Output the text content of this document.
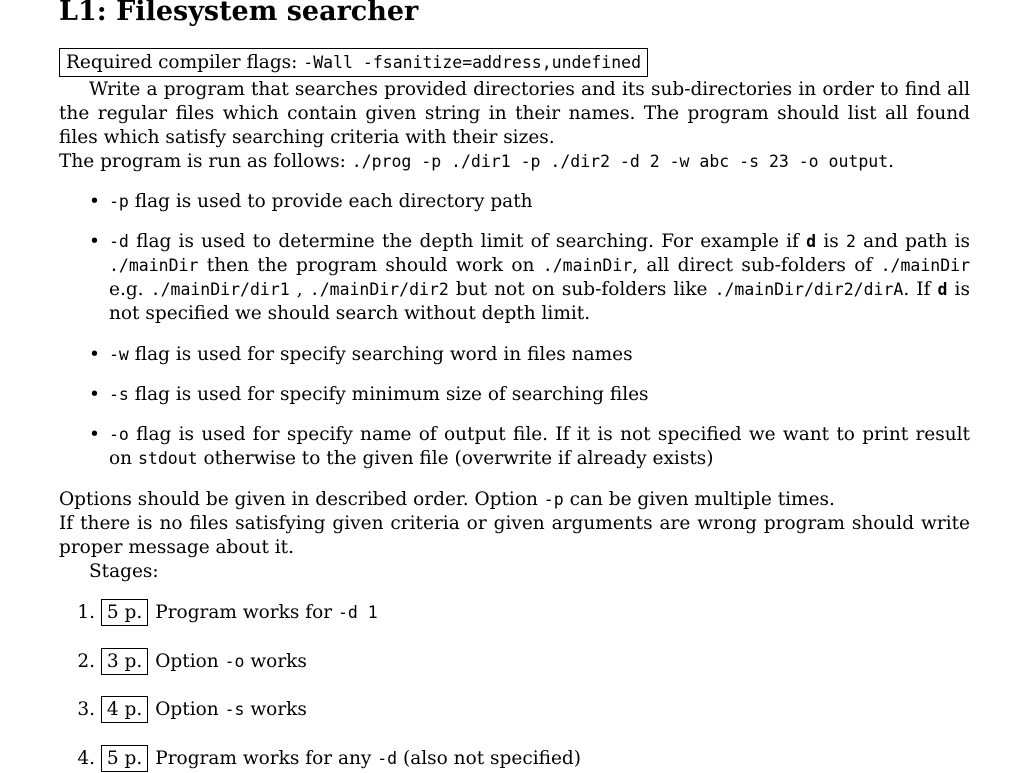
L1: Filesystem searcher
Required compiler flags: -Wall -fsanitize=address,undefined
Write a program that searches provided directories and its sub-directories in order to find all the regular files which contain given string in their names. The program should list all found files which satisfy searching criteria with their sizes.
The program is run as follows: ./prog -p ./dir1 -p ./dir2 -d 2 -w abc -s 23 -o output.
• -p flag is used to provide each directory path
• -d flag is used to determine the depth limit of searching. For example if d is 2 and path is ./mainDir then the program should work on ./mainDir, all direct sub-folders of ./mainDir e.g. ./mainDir/dir1 , ./mainDir/dir2 but not on sub-folders like ./mainDir/dir2/dirA. If d is not specified we should search without depth limit.
• -w flag is used for specify searching word in files names
• -s flag is used for specify minimum size of searching files
• -o flag is used for specify name of output file. If it is not specified we want to print result on stdout otherwise to the given file (overwrite if already exists)
Options should be given in described order. Option -p can be given multiple times.
If there is no files satisfying given criteria or given arguments are wrong program should write proper message about it.
Stages:
1. 5 p. Program works for -d 1
2. 3 p. Option -o works
3. 4 p. Option -s works
4. 5 p. Program works for any -d (also not specified)
